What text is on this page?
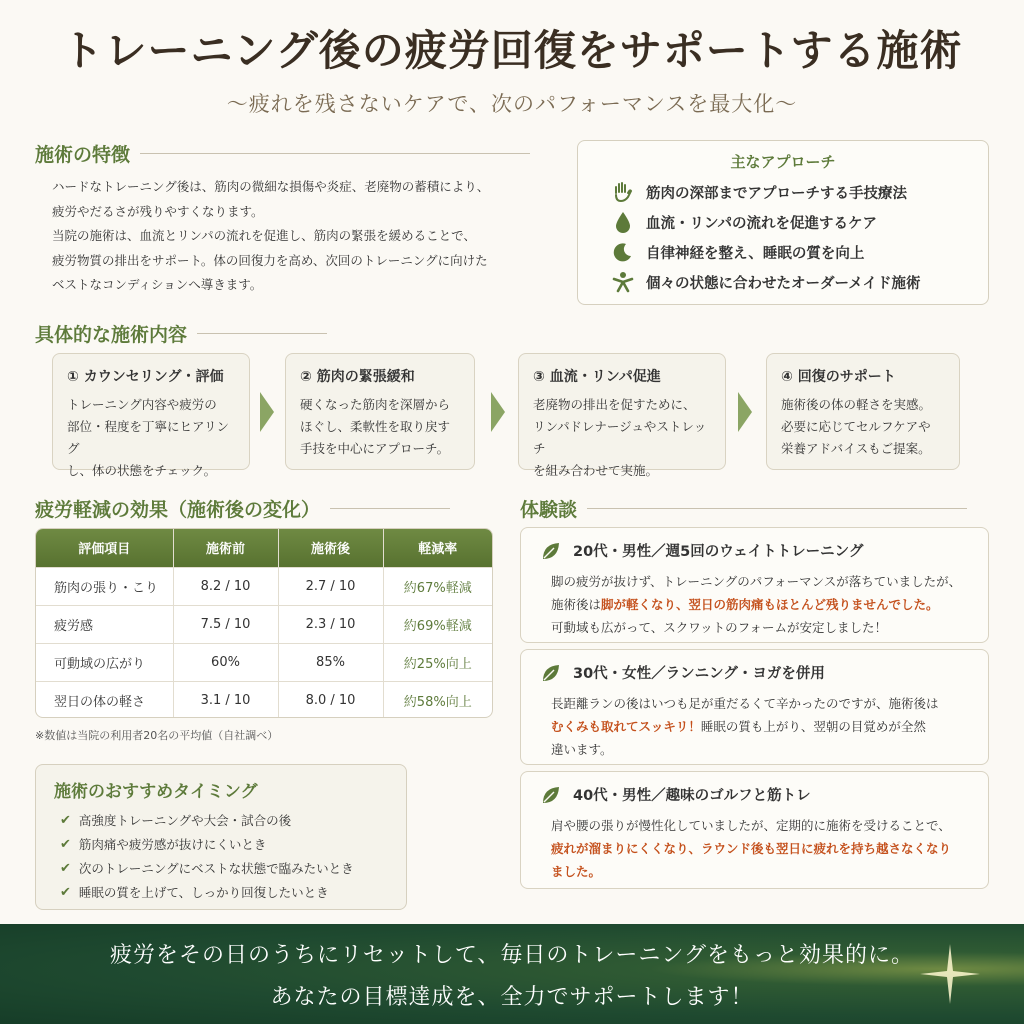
トレーニング後の疲労回復をサポートする施術
〜疲れを残さないケアで、次のパフォーマンスを最大化〜
施術の特徴
ハードなトレーニング後は、筋肉の微細な損傷や炎症、老廃物の蓄積により、
疲労やだるさが残りやすくなります。
当院の施術は、血流とリンパの流れを促進し、筋肉の緊張を緩めることで、
疲労物質の排出をサポート。体の回復力を高め、次回のトレーニングに向けた
ベストなコンディションへ導きます。
主なアプローチ
筋肉の深部までアプローチする手技療法
血流・リンパの流れを促進するケア
自律神経を整え、睡眠の質を向上
個々の状態に合わせたオーダーメイド施術
具体的な施術内容
① カウンセリング・評価
トレーニング内容や疲労の
部位・程度を丁寧にヒアリング
し、体の状態をチェック。
② 筋肉の緊張緩和
硬くなった筋肉を深層から
ほぐし、柔軟性を取り戻す
手技を中心にアプローチ。
③ 血流・リンパ促進
老廃物の排出を促すために、
リンパドレナージュやストレッチ
を組み合わせて実施。
④ 回復のサポート
施術後の体の軽さを実感。
必要に応じてセルフケアや
栄養アドバイスもご提案。
疲労軽減の効果（施術後の変化）
評価項目	施術前	施術後	軽減率
筋肉の張り・こり	8.2 / 10	2.7 / 10	約67%軽減
疲労感	7.5 / 10	2.3 / 10	約69%軽減
可動域の広がり	60%	85%	約25%向上
翌日の体の軽さ	3.1 / 10	8.0 / 10	約58%向上
※数値は当院の利用者20名の平均値（自社調べ）
施術のおすすめタイミング
✔ 高強度トレーニングや大会・試合の後
✔ 筋肉痛や疲労感が抜けにくいとき
✔ 次のトレーニングにベストな状態で臨みたいとき
✔ 睡眠の質を上げて、しっかり回復したいとき
体験談
20代・男性／週5回のウェイトトレーニング
脚の疲労が抜けず、トレーニングのパフォーマンスが落ちていましたが、
施術後は脚が軽くなり、翌日の筋肉痛もほとんど残りませんでした。
可動域も広がって、スクワットのフォームが安定しました！
30代・女性／ランニング・ヨガを併用
長距離ランの後はいつも足が重だるくて辛かったのですが、施術後は
むくみも取れてスッキリ！睡眠の質も上がり、翌朝の目覚めが全然
違います。
40代・男性／趣味のゴルフと筋トレ
肩や腰の張りが慢性化していましたが、定期的に施術を受けることで、
疲れが溜まりにくくなり、ラウンド後も翌日に疲れを持ち越さなくなり
ました。
疲労をその日のうちにリセットして、毎日のトレーニングをもっと効果的に。
あなたの目標達成を、全力でサポートします！
